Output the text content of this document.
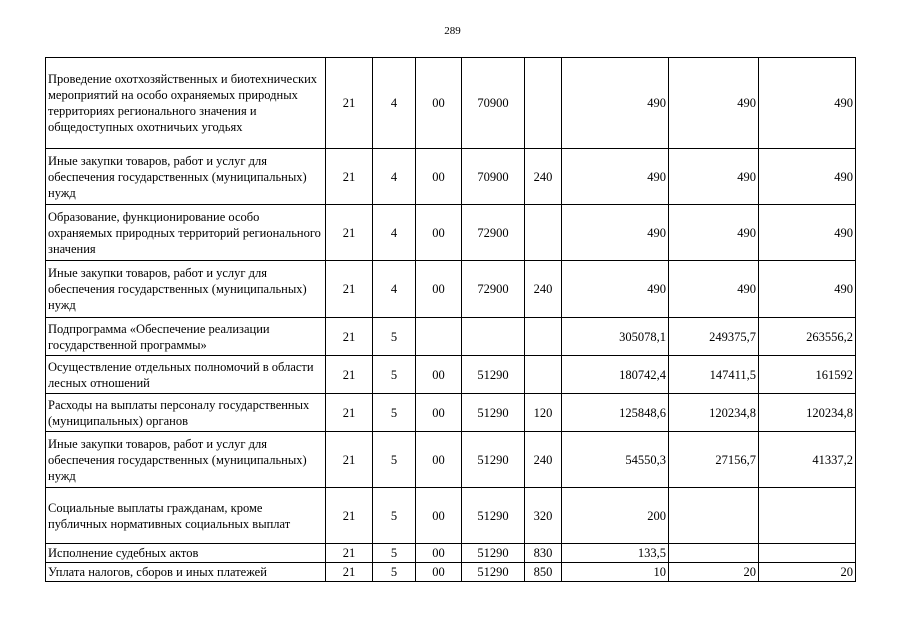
289
Проведение охотхозяйственных и биотехнических мероприятий на особо охраняемых природных территориях регионального значения и общедоступных охотничьих угодьях	21	4	00	70900		490	490	490
Иные закупки товаров, работ и услуг для обеспечения государственных (муниципальных) нужд	21	4	00	70900	240	490	490	490
Образование, функционирование особо охраняемых природных территорий регионального значения	21	4	00	72900		490	490	490
Иные закупки товаров, работ и услуг для обеспечения государственных (муниципальных) нужд	21	4	00	72900	240	490	490	490
Подпрограмма «Обеспечение реализации государственной программы»	21	5				305078,1	249375,7	263556,2
Осуществление отдельных полномочий в области лесных отношений	21	5	00	51290		180742,4	147411,5	161592
Расходы на выплаты персоналу государственных (муниципальных) органов	21	5	00	51290	120	125848,6	120234,8	120234,8
Иные закупки товаров, работ и услуг для обеспечения государственных (муниципальных) нужд	21	5	00	51290	240	54550,3	27156,7	41337,2
Социальные выплаты гражданам, кроме публичных нормативных социальных выплат	21	5	00	51290	320	200		
Исполнение судебных актов	21	5	00	51290	830	133,5		
Уплата налогов, сборов и иных платежей	21	5	00	51290	850	10	20	20
